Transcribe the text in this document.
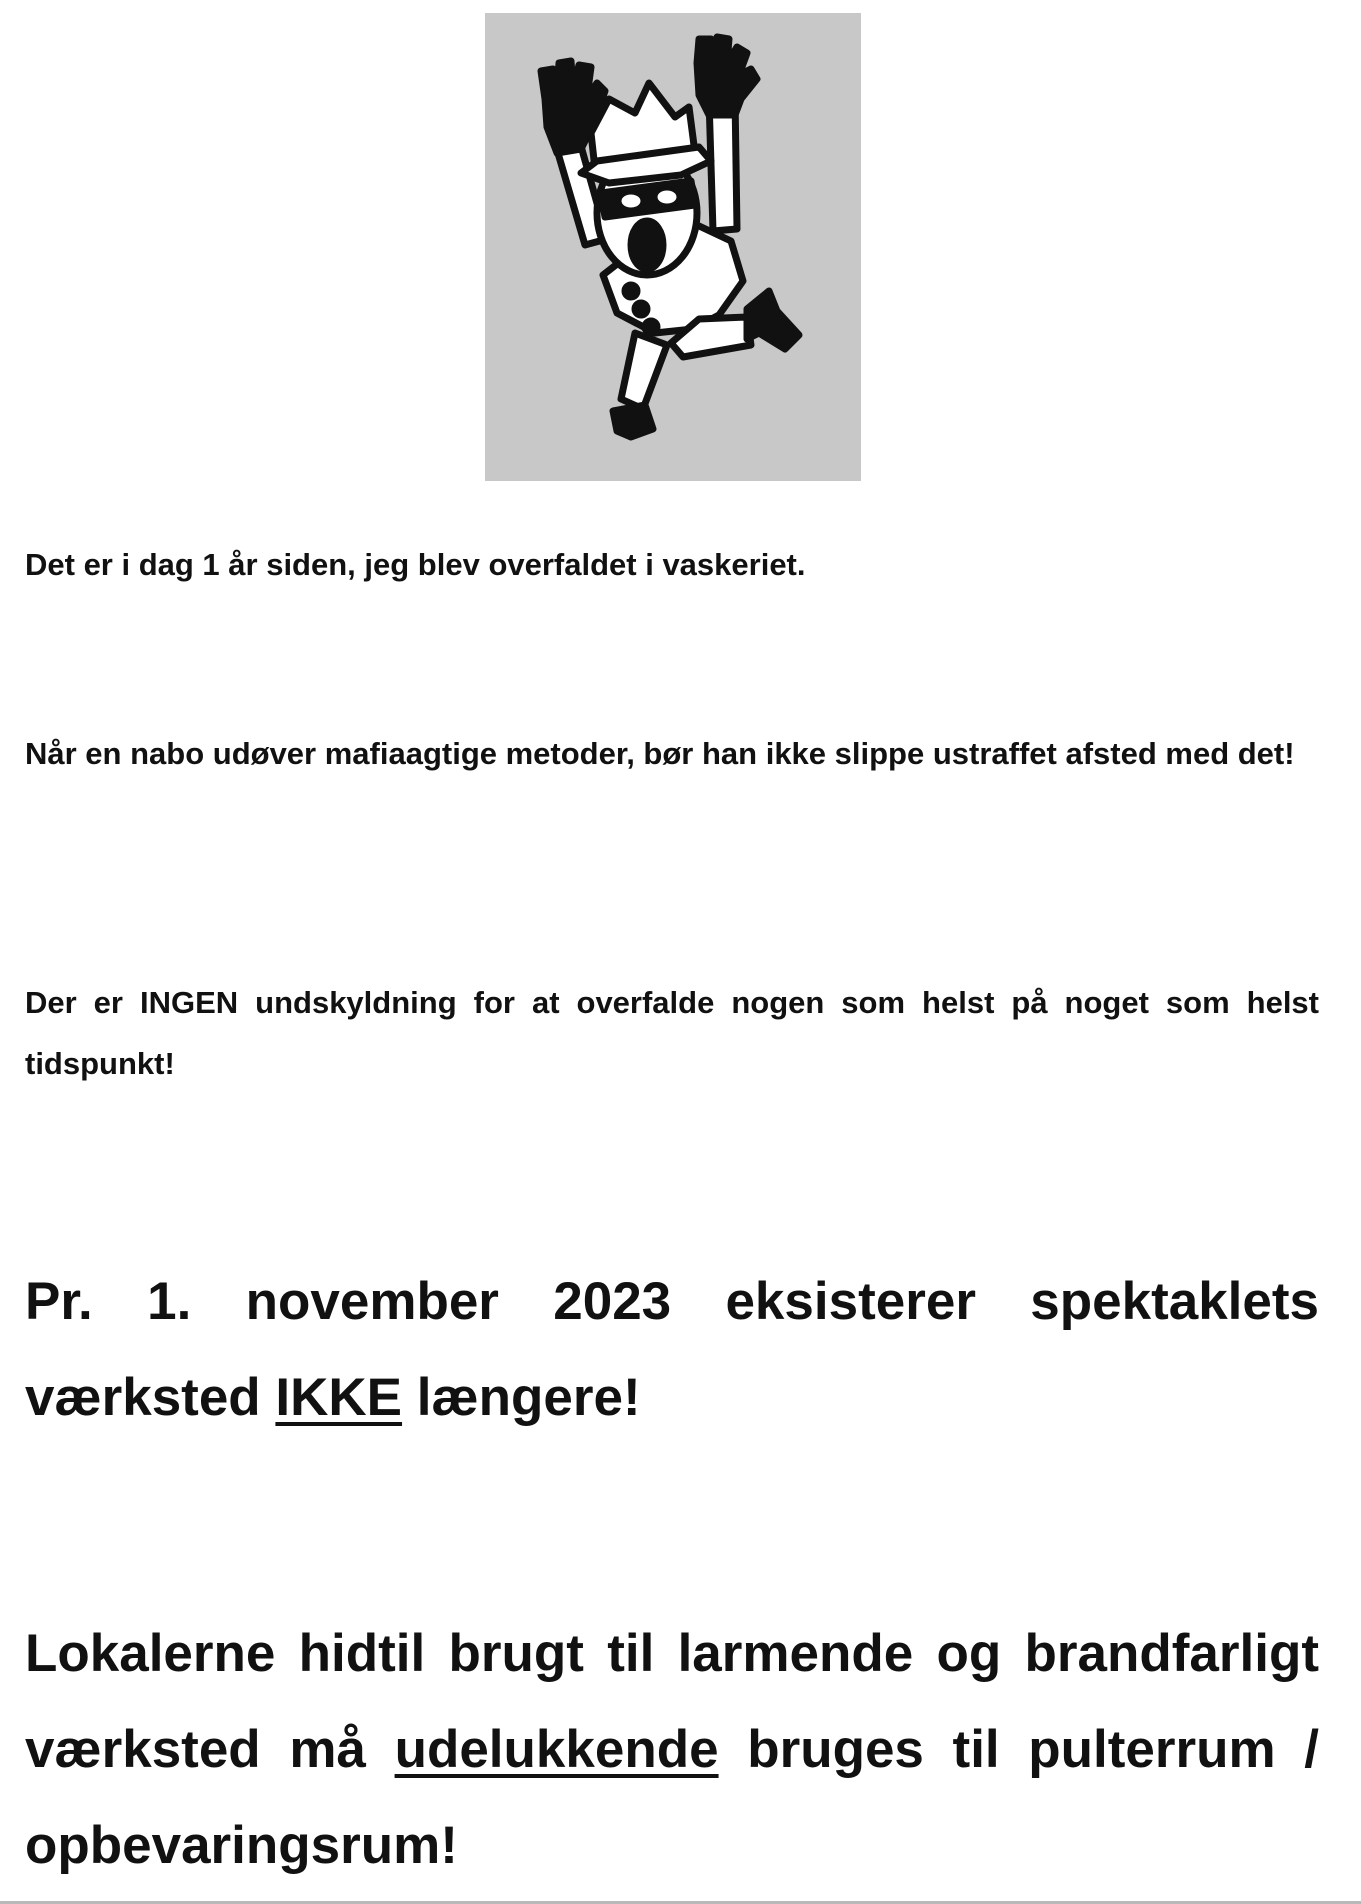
Det er i dag 1 år siden, jeg blev overfaldet i vaskeriet.

Når en nabo udøver mafiaagtige metoder, bør han ikke slippe ustraffet afsted med det!

Der er INGEN undskyldning for at overfalde nogen som helst på noget som helst tidspunkt!

Pr. 1. november 2023 eksisterer spektaklets værksted IKKE længere!

Lokalerne hidtil brugt til larmende og brandfarligt værksted må udelukkende bruges til pulterrum / opbevaringsrum!
